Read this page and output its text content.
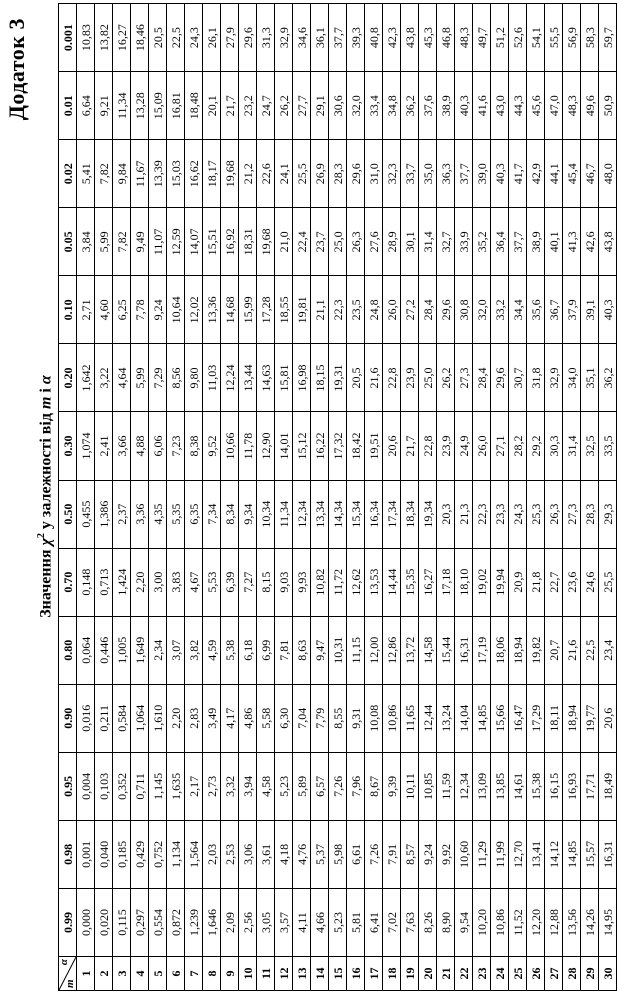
Додаток 3
Значення $\chi^2$ у залежності від m і α
m
α	0.99	0.98	0.95	0.90	0.80	0.70	0.50	0.30	0.20	0.10	0.05	0.02	0.01	0.001
1	0,000	0,001	0,004	0,016	0,064	0,148	0,455	1,074	1,642	2,71	3,84	5,41	6,64	10,83
2	0,020	0,040	0,103	0,211	0,446	0,713	1,386	2,41	3,22	4,60	5,99	7,82	9,21	13,82
3	0,115	0,185	0,352	0,584	1,005	1,424	2,37	3,66	4,64	6,25	7,82	9,84	11,34	16,27
4	0,297	0,429	0,711	1,064	1,649	2,20	3,36	4,88	5,99	7,78	9,49	11,67	13,28	18,46
5	0,554	0,752	1,145	1,610	2,34	3,00	4,35	6,06	7,29	9,24	11,07	13,39	15,09	20,5
6	0,872	1,134	1,635	2,20	3,07	3,83	5,35	7,23	8,56	10,64	12,59	15,03	16,81	22,5
7	1,239	1,564	2,17	2,83	3,82	4,67	6,35	8,38	9,80	12,02	14,07	16,62	18,48	24,3
8	1,646	2,03	2,73	3,49	4,59	5,53	7,34	9,52	11,03	13,36	15,51	18,17	20,1	26,1
9	2,09	2,53	3,32	4,17	5,38	6,39	8,34	10,66	12,24	14,68	16,92	19,68	21,7	27,9
10	2,56	3,06	3,94	4,86	6,18	7,27	9,34	11,78	13,44	15,99	18,31	21,2	23,2	29,6
11	3,05	3,61	4,58	5,58	6,99	8,15	10,34	12,90	14,63	17,28	19,68	22,6	24,7	31,3
12	3,57	4,18	5,23	6,30	7,81	9,03	11,34	14,01	15,81	18,55	21,0	24,1	26,2	32,9
13	4,11	4,76	5,89	7,04	8,63	9,93	12,34	15,12	16,98	19,81	22,4	25,5	27,7	34,6
14	4,66	5,37	6,57	7,79	9,47	10,82	13,34	16,22	18,15	21,1	23,7	26,9	29,1	36,1
15	5,23	5,98	7,26	8,55	10,31	11,72	14,34	17,32	19,31	22,3	25,0	28,3	30,6	37,7
16	5,81	6,61	7,96	9,31	11,15	12,62	15,34	18,42	20,5	23,5	26,3	29,6	32,0	39,3
17	6,41	7,26	8,67	10,08	12,00	13,53	16,34	19,51	21,6	24,8	27,6	31,0	33,4	40,8
18	7,02	7,91	9,39	10,86	12,86	14,44	17,34	20,6	22,8	26,0	28,9	32,3	34,8	42,3
19	7,63	8,57	10,11	11,65	13,72	15,35	18,34	21,7	23,9	27,2	30,1	33,7	36,2	43,8
20	8,26	9,24	10,85	12,44	14,58	16,27	19,34	22,8	25,0	28,4	31,4	35,0	37,6	45,3
21	8,90	9,92	11,59	13,24	15,44	17,18	20,3	23,9	26,2	29,6	32,7	36,3	38,9	46,8
22	9,54	10,60	12,34	14,04	16,31	18,10	21,3	24,9	27,3	30,8	33,9	37,7	40,3	48,3
23	10,20	11,29	13,09	14,85	17,19	19,02	22,3	26,0	28,4	32,0	35,2	39,0	41,6	49,7
24	10,86	11,99	13,85	15,66	18,06	19,94	23,3	27,1	29,6	33,2	36,4	40,3	43,0	51,2
25	11,52	12,70	14,61	16,47	18,94	20,9	24,3	28,2	30,7	34,4	37,7	41,7	44,3	52,6
26	12,20	13,41	15,38	17,29	19,82	21,8	25,3	29,2	31,8	35,6	38,9	42,9	45,6	54,1
27	12,88	14,12	16,15	18,11	20,7	22,7	26,3	30,3	32,9	36,7	40,1	44,1	47,0	55,5
28	13,56	14,85	16,93	18,94	21,6	23,6	27,3	31,4	34,0	37,9	41,3	45,4	48,3	56,9
29	14,26	15,57	17,71	19,77	22,5	24,6	28,3	32,5	35,1	39,1	42,6	46,7	49,6	58,3
30	14,95	16,31	18,49	20,6	23,4	25,5	29,3	33,5	36,2	40,3	43,8	48,0	50,9	59,7
